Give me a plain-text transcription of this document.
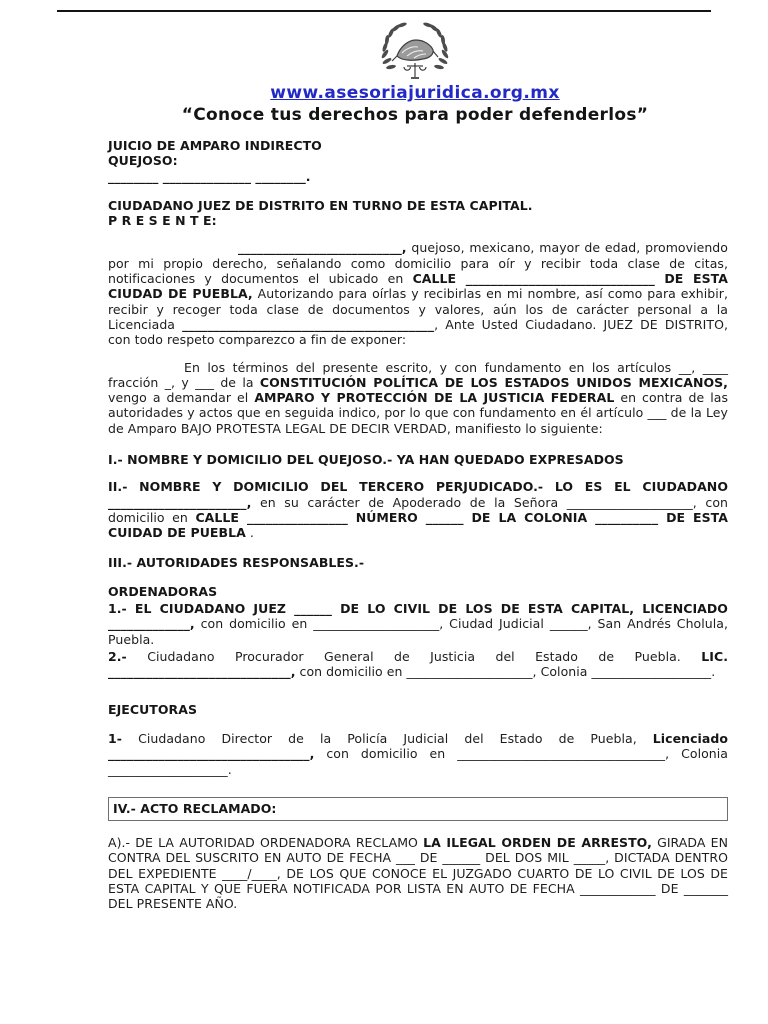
www.asesoriajuridica.org.mx
“Conoce tus derechos para poder defenderlos”
JUICIO DE AMPARO INDIRECTO
QUEJOSO:
________ ______________ ________.
CIUDADANO JUEZ DE DISTRITO EN TURNO DE ESTA CAPITAL.
P R E S E N T E:
__________________________, quejoso, mexicano, mayor de edad, promoviendo por mi propio derecho, señalando como domicilio para oír y recibir toda clase de citas, notificaciones y documentos el ubicado en CALLE ______________________________ DE ESTA CIUDAD DE PUEBLA, Autorizando para oírlas y recibirlas en mi nombre, así como para exhibir, recibir y recoger toda clase de documentos y valores, aún los de carácter personal a la Licenciada ________________________________________, Ante Usted Ciudadano. JUEZ DE DISTRITO, con todo respeto comparezco a fin de exponer:
En los términos del presente escrito, y con fundamento en los artículos __, ____ fracción _, y ___ de la CONSTITUCIÓN POLÍTICA DE LOS ESTADOS UNIDOS MEXICANOS, vengo a demandar el AMPARO Y PROTECCIÓN DE LA JUSTICIA FEDERAL en contra de las autoridades y actos que en seguida indico, por lo que con fundamento en él artículo ___ de la Ley de Amparo BAJO PROTESTA LEGAL DE DECIR VERDAD, manifiesto lo siguiente:
I.- NOMBRE Y DOMICILIO DEL QUEJOSO.- YA HAN QUEDADO EXPRESADOS
II.- NOMBRE Y DOMICILIO DEL TERCERO PERJUDICADO.- LO ES EL CIUDADANO ______________________, en su carácter de Apoderado de la Señora ____________________, con domicilio en CALLE ________________ NÚMERO ______ DE LA COLONIA __________ DE ESTA CUIDAD DE PUEBLA .
III.- AUTORIDADES RESPONSABLES.-
ORDENADORAS
1.- EL CIUDADANO JUEZ ______ DE LO CIVIL DE LOS DE ESTA CAPITAL, LICENCIADO _____________, con domicilio en ____________________, Ciudad Judicial ______, San Andrés Cholula, Puebla.
2.- Ciudadano Procurador General de Justicia del Estado de Puebla. LIC. _____________________________, con domicilio en ____________________, Colonia ___________________.
EJECUTORAS
1- Ciudadano Director de la Policía Judicial del Estado de Puebla, Licenciado ________________________________, con domicilio en _________________________________, Colonia ___________________.
IV.- ACTO RECLAMADO:
A).- DE LA AUTORIDAD ORDENADORA RECLAMO LA ILEGAL ORDEN DE ARRESTO, GIRADA EN CONTRA DEL SUSCRITO EN AUTO DE FECHA ___ DE ______ DEL DOS MIL _____, DICTADA DENTRO DEL EXPEDIENTE ____/____, DE LOS QUE CONOCE EL JUZGADO CUARTO DE LO CIVIL DE LOS DE ESTA CAPITAL Y QUE FUERA NOTIFICADA POR LISTA EN AUTO DE FECHA ____________ DE _______ DEL PRESENTE AÑO.
